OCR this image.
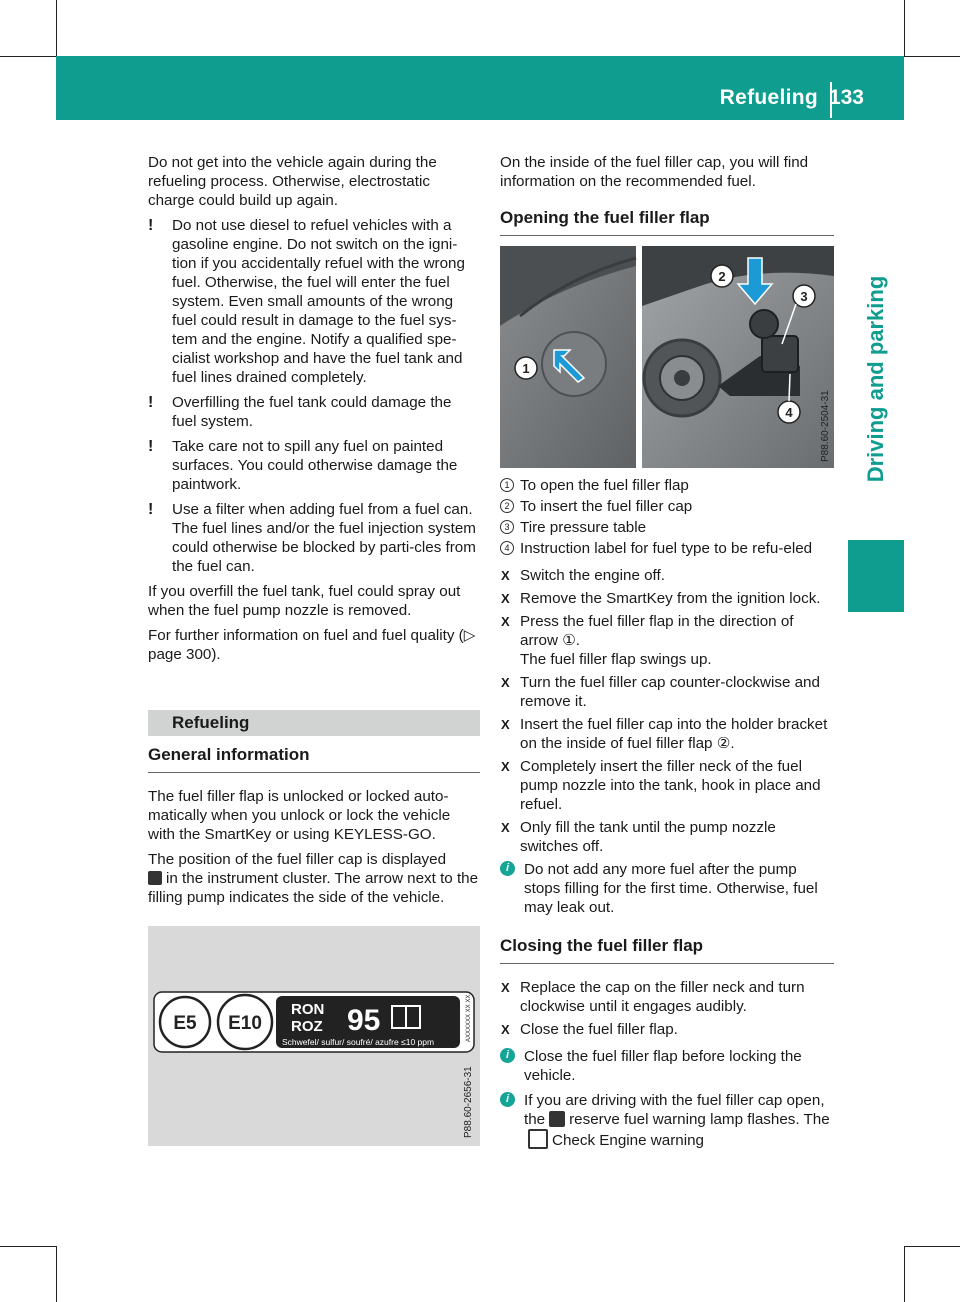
Refueling 133
Driving and parking

Do not get into the vehicle again during the refueling process. Otherwise, electrostatic charge could build up again.

! Do not use diesel to refuel vehicles with a gasoline engine. Do not switch on the igni-tion if you accidentally refuel with the wrong fuel. Otherwise, the fuel will enter the fuel system. Even small amounts of the wrong fuel could result in damage to the fuel sys-tem and the engine. Notify a qualified spe-cialist workshop and have the fuel tank and fuel lines drained completely.
! Overfilling the fuel tank could damage the fuel system.
! Take care not to spill any fuel on painted surfaces. You could otherwise damage the paintwork.
! Use a filter when adding fuel from a fuel can. The fuel lines and/or the fuel injection system could otherwise be blocked by parti-cles from the fuel can.

If you overfill the fuel tank, fuel could spray out when the fuel pump nozzle is removed.

For further information on fuel and fuel quality (▷ page 300).

Refueling
General information

The fuel filler flap is unlocked or locked auto-matically when you unlock or lock the vehicle with the SmartKey or using KEYLESS-GO.

The position of the fuel filler cap is displayed
in the instrument cluster. The arrow next to the filling pump indicates the side of the vehicle.

E5 E10
RON
ROZ 95
Schwefel/ sulfur/ soufré/ azufre ≤10 ppm	AXXXXXX XX XX
P88.60-2656-31

On the inside of the fuel filler cap, you will find information on the recommended fuel.

Opening the fuel filler flap
1
2
3
4	P88.60-2504-31
1 To open the fuel filler flap
2 To insert the fuel filler cap
3 Tire pressure table
4 Instruction label for fuel type to be refu-eled
X Switch the engine off.
X Remove the SmartKey from the ignition lock.
X Press the fuel filler flap in the direction of arrow ①.
The fuel filler flap swings up.
X Turn the fuel filler cap counter-clockwise and remove it.
X Insert the fuel filler cap into the holder bracket on the inside of fuel filler flap ②.
X Completely insert the filler neck of the fuel pump nozzle into the tank, hook in place and refuel.
X Only fill the tank until the pump nozzle switches off.
i Do not add any more fuel after the pump stops filling for the first time. Otherwise, fuel may leak out.
Closing the fuel filler flap
X Replace the cap on the filler neck and turn clockwise until it engages audibly.
X Close the fuel filler flap.
i Close the fuel filler flap before locking the vehicle.
i If you are driving with the fuel filler cap open, the reserve fuel warning lamp flashes. TheCheck Engine warning
